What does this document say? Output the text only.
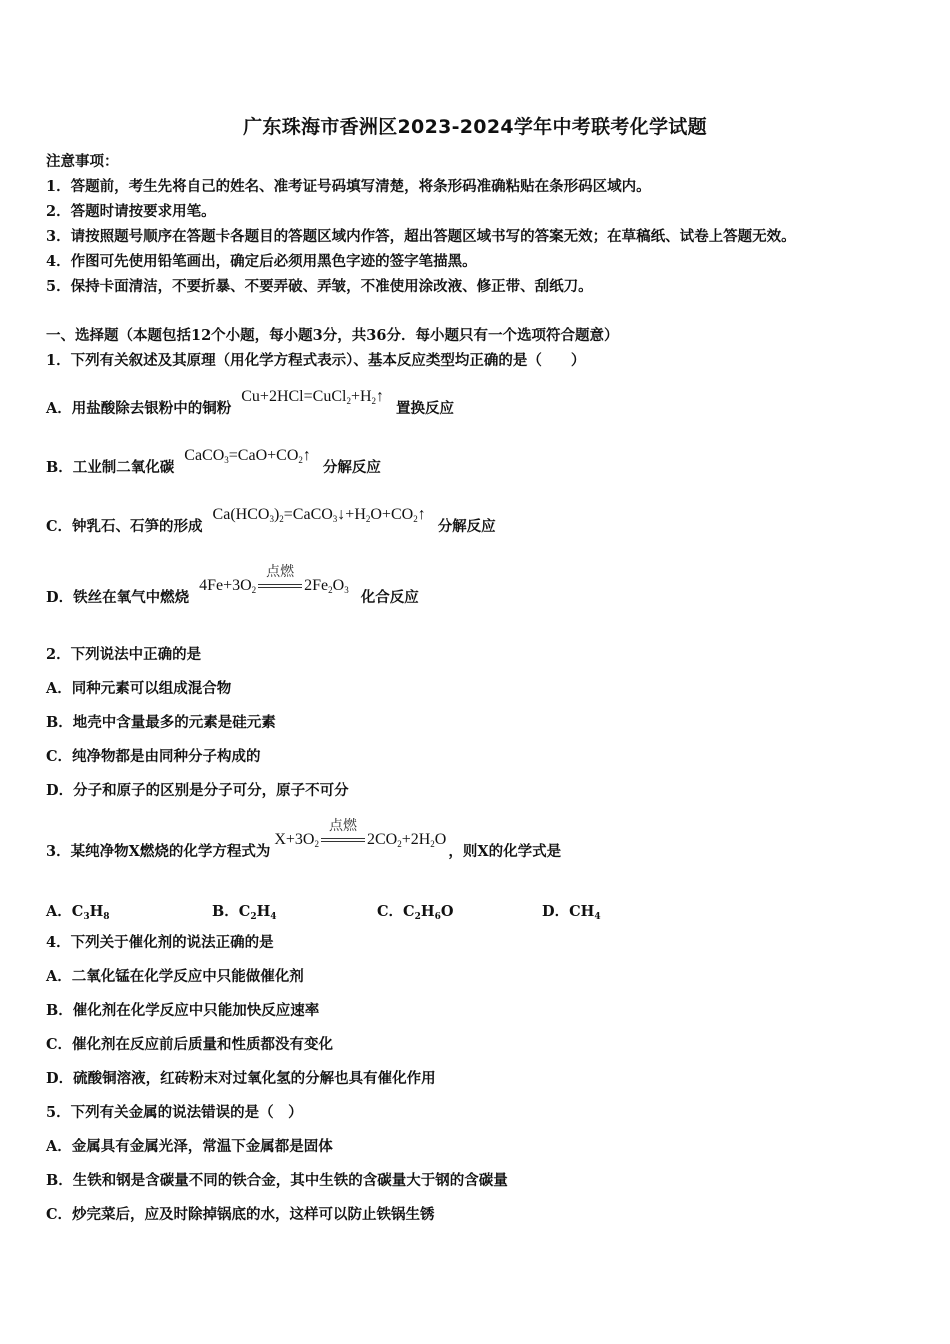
广东珠海市香洲区2023-2024学年中考联考化学试题
注意事项：
1．答题前，考生先将自己的姓名、准考证号码填写清楚，将条形码准确粘贴在条形码区域内。
2．答题时请按要求用笔。
3．请按照题号顺序在答题卡各题目的答题区域内作答，超出答题区域书写的答案无效；在草稿纸、试卷上答题无效。
4．作图可先使用铅笔画出，确定后必须用黑色字迹的签字笔描黑。
5．保持卡面清洁，不要折暴、不要弄破、弄皱，不准使用涂改液、修正带、刮纸刀。
一、选择题（本题包括12个小题，每小题3分，共36分．每小题只有一个选项符合题意）
1．下列有关叙述及其原理（用化学方程式表示）、基本反应类型均正确的是（　　）
A．用盐酸除去银粉中的铜粉$Cu+2HCl=CuCl_2+H_2↑$置换反应
B．工业制二氧化碳$CaCO_3=CaO+CO_2↑$分解反应
C．钟乳石、石笋的形成$Ca(HCO_3)_2=CaCO_3↓+H_2O+CO_2↑$分解反应
D．铁丝在氧气中燃烧$4Fe+3O_2$
点燃
$2Fe_2O_3$ 化合反应
2．下列说法中正确的是
A．同种元素可以组成混合物
B．地壳中含量最多的元素是硅元素
C．纯净物都是由同种分子构成的
D．分子和原子的区别是分子可分，原子不可分
3．某纯净物X燃烧的化学方程式为$X+3O_2$
点燃
$2CO_2+2H_2O$，则X的化学式是
A．$C_3H_8$	B．$C_2H_4$	C．$C_2H_6O$	D．$CH_4$
4．下列关于催化剂的说法正确的是
A．二氧化锰在化学反应中只能做催化剂
B．催化剂在化学反应中只能加快反应速率
C．催化剂在反应前后质量和性质都没有变化
D．硫酸铜溶液，红砖粉末对过氧化氢的分解也具有催化作用
5．下列有关金属的说法错误的是（　）
A．金属具有金属光泽，常温下金属都是固体
B．生铁和钢是含碳量不同的铁合金，其中生铁的含碳量大于钢的含碳量
C．炒完菜后，应及时除掉锅底的水，这样可以防止铁锅生锈
